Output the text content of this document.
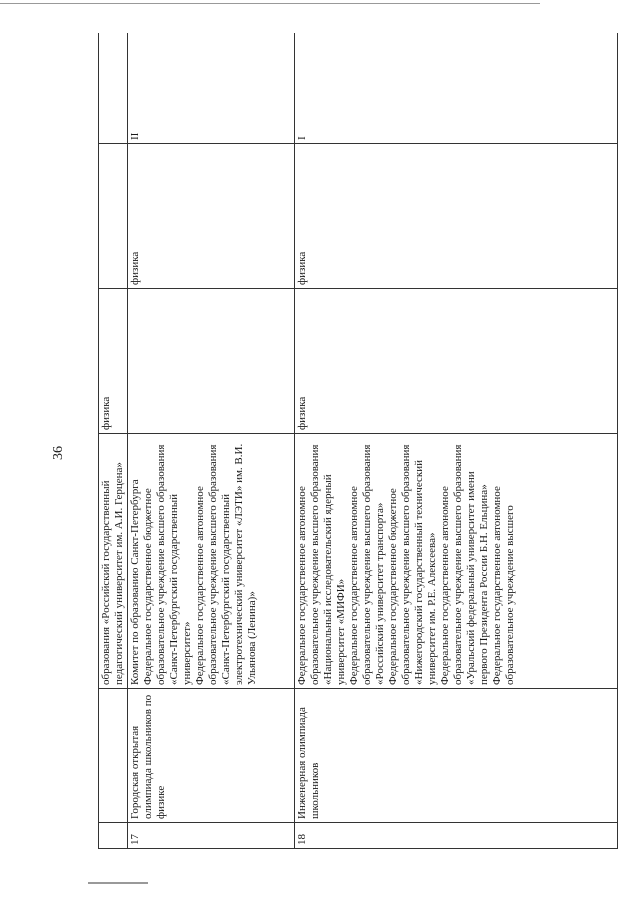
36
		образования «Российский государственный педагогический университет им. А.И. Герцена»	физика		
17	Городская открытая олимпиада школьников по физике	Комитет по образованию Санкт-Петербурга Федеральное государственное бюджетное образовательное учреждение высшего образования «Санкт-Петербургский государственный университет» Федеральное государственное автономное образовательное учреждение высшего образования «Санкт-Петербургский государственный электротехнический университет «ЛЭТИ» им. В.И. Ульянова (Ленина)»		физика	II
18	Инженерная олимпиада школьников	Федеральное государственное автономное образовательное учреждение высшего образования «Национальный исследовательский ядерный университет «МИФИ» Федеральное государственное автономное образовательное учреждение высшего образования «Российский университет транспорта» Федеральное государственное бюджетное образовательное учреждение высшего образования «Нижегородский государственный технический университет им. Р.Е. Алексеева» Федеральное государственное автономное образовательное учреждение высшего образования «Уральский федеральный университет имени первого Президента России Б.Н. Ельцина» Федеральное государственное автономное образовательное учреждение высшего	физика	физика	I
